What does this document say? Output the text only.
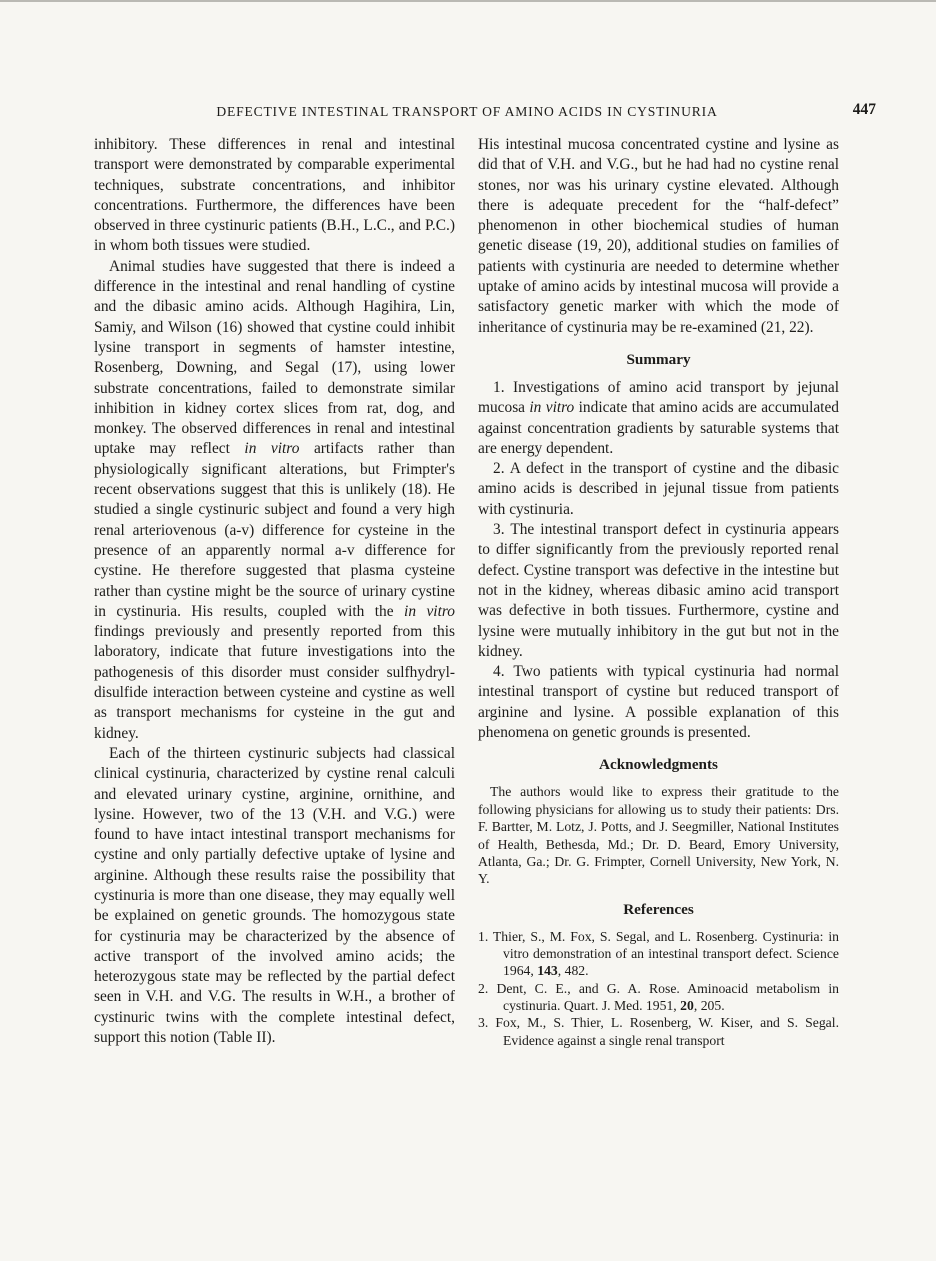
DEFECTIVE INTESTINAL TRANSPORT OF AMINO ACIDS IN CYSTINURIA	447

inhibitory. These differences in renal and intestinal transport were demonstrated by comparable experimental techniques, substrate concentrations, and inhibitor concentrations. Furthermore, the differences have been observed in three cystinuric patients (B.H., L.C., and P.C.) in whom both tissues were studied.

Animal studies have suggested that there is indeed a difference in the intestinal and renal handling of cystine and the dibasic amino acids. Although Hagihira, Lin, Samiy, and Wilson (16) showed that cystine could inhibit lysine transport in segments of hamster intestine, Rosenberg, Downing, and Segal (17), using lower substrate concentrations, failed to demonstrate similar inhibition in kidney cortex slices from rat, dog, and monkey. The observed differences in renal and intestinal uptake may reflect in vitro artifacts rather than physiologically significant alterations, but Frimpter's recent observations suggest that this is unlikely (18). He studied a single cystinuric subject and found a very high renal arteriovenous (a-v) difference for cysteine in the presence of an apparently normal a-v difference for cystine. He therefore suggested that plasma cysteine rather than cystine might be the source of urinary cystine in cystinuria. His results, coupled with the in vitro findings previously and presently reported from this laboratory, indicate that future investigations into the pathogenesis of this disorder must consider sulfhydryl-disulfide interaction between cysteine and cystine as well as transport mechanisms for cysteine in the gut and kidney.

Each of the thirteen cystinuric subjects had classical clinical cystinuria, characterized by cystine renal calculi and elevated urinary cystine, arginine, ornithine, and lysine. However, two of the 13 (V.H. and V.G.) were found to have intact intestinal transport mechanisms for cystine and only partially defective uptake of lysine and arginine. Although these results raise the possibility that cystinuria is more than one disease, they may equally well be explained on genetic grounds. The homozygous state for cystinuria may be characterized by the absence of active transport of the involved amino acids; the heterozygous state may be reflected by the partial defect seen in V.H. and V.G. The results in W.H., a brother of cystinuric twins with the complete intestinal defect, support this notion (Table II).

His intestinal mucosa concentrated cystine and lysine as did that of V.H. and V.G., but he had had no cystine renal stones, nor was his urinary cystine elevated. Although there is adequate precedent for the “half-defect” phenomenon in other biochemical studies of human genetic disease (19, 20), additional studies on families of patients with cystinuria are needed to determine whether uptake of amino acids by intestinal mucosa will provide a satisfactory genetic marker with which the mode of inheritance of cystinuria may be re-examined (21, 22).

Summary

1. Investigations of amino acid transport by jejunal mucosa in vitro indicate that amino acids are accumulated against concentration gradients by saturable systems that are energy dependent.

2. A defect in the transport of cystine and the dibasic amino acids is described in jejunal tissue from patients with cystinuria.

3. The intestinal transport defect in cystinuria appears to differ significantly from the previously reported renal defect. Cystine transport was defective in the intestine but not in the kidney, whereas dibasic amino acid transport was defective in both tissues. Furthermore, cystine and lysine were mutually inhibitory in the gut but not in the kidney.

4. Two patients with typical cystinuria had normal intestinal transport of cystine but reduced transport of arginine and lysine. A possible explanation of this phenomena on genetic grounds is presented.

Acknowledgments

The authors would like to express their gratitude to the following physicians for allowing us to study their patients: Drs. F. Bartter, M. Lotz, J. Potts, and J. Seegmiller, National Institutes of Health, Bethesda, Md.; Dr. D. Beard, Emory University, Atlanta, Ga.; Dr. G. Frimpter, Cornell University, New York, N. Y.

References

1. Thier, S., M. Fox, S. Segal, and L. Rosenberg. Cystinuria: in vitro demonstration of an intestinal transport defect. Science 1964, 143, 482.

2. Dent, C. E., and G. A. Rose. Aminoacid metabolism in cystinuria. Quart. J. Med. 1951, 20, 205.

3. Fox, M., S. Thier, L. Rosenberg, W. Kiser, and S. Segal. Evidence against a single renal transport
